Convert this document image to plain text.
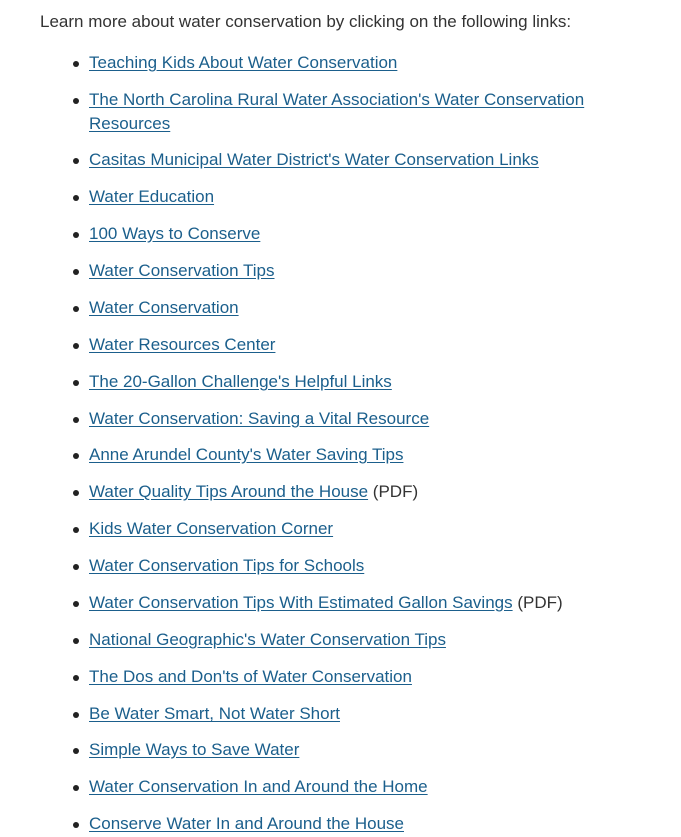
Learn more about water conservation by clicking on the following links:

Teaching Kids About Water Conservation
The North Carolina Rural Water Association's Water Conservation Resources
Casitas Municipal Water District's Water Conservation Links
Water Education
100 Ways to Conserve
Water Conservation Tips
Water Conservation
Water Resources Center
The 20-Gallon Challenge's Helpful Links
Water Conservation: Saving a Vital Resource
Anne Arundel County's Water Saving Tips
Water Quality Tips Around the House (PDF)
Kids Water Conservation Corner
Water Conservation Tips for Schools
Water Conservation Tips With Estimated Gallon Savings (PDF)
National Geographic's Water Conservation Tips
The Dos and Don'ts of Water Conservation
Be Water Smart, Not Water Short
Simple Ways to Save Water
Water Conservation In and Around the Home
Conserve Water In and Around the House
